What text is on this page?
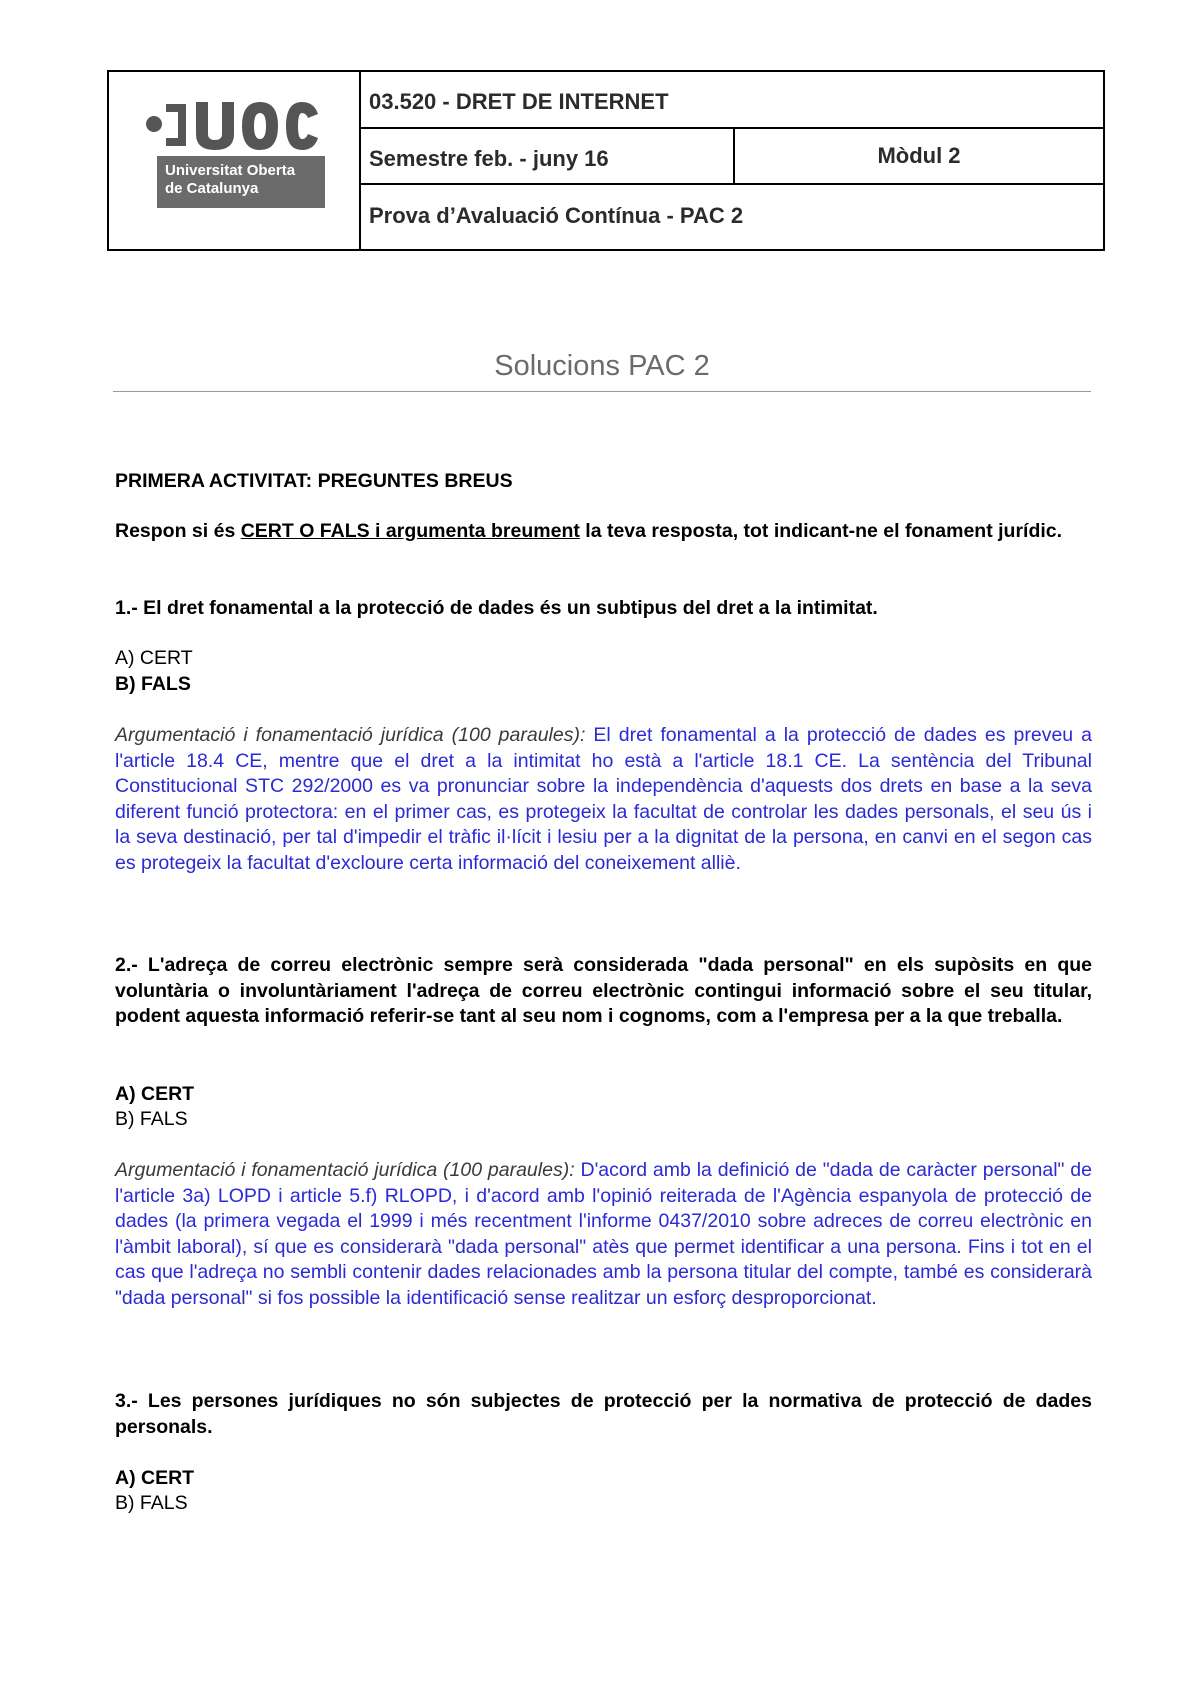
Universitat Oberta
de Catalunya
03.520 - DRET DE INTERNET
Semestre feb. - juny 16	Mòdul 2
Prova d’Avaluació Contínua - PAC 2
Solucions PAC 2
PRIMERA ACTIVITAT: PREGUNTES BREUS
Respon si és CERT O FALS i argumenta breument la teva resposta, tot indicant-ne el fonament jurídic.
1.- El dret fonamental a la protecció de dades és un subtipus del dret a la intimitat.
A) CERT
B) FALS
Argumentació i fonamentació jurídica (100 paraules): El dret fonamental a la protecció de dades es preveu a l'article 18.4 CE, mentre que el dret a la intimitat ho està a l'article 18.1 CE. La sentència del Tribunal Constitucional STC 292/2000 es va pronunciar sobre la independència d'aquests dos drets en base a la seva diferent funció protectora: en el primer cas, es protegeix la facultat de controlar les dades personals, el seu ús i la seva destinació, per tal d'impedir el tràfic il·lícit i lesiu per a la dignitat de la persona, en canvi en el segon cas es protegeix la facultat d'excloure certa informació del coneixement alliè.
2.- L'adreça de correu electrònic sempre serà considerada "dada personal" en els supòsits en que voluntària o involuntàriament l'adreça de correu electrònic contingui informació sobre el seu titular, podent aquesta informació referir-se tant al seu nom i cognoms, com a l'empresa per a la que treballa.
A) CERT
B) FALS
Argumentació i fonamentació jurídica (100 paraules): D'acord amb la definició de "dada de caràcter personal" de l'article 3a) LOPD i article 5.f) RLOPD, i d'acord amb l'opinió reiterada de l'Agència espanyola de protecció de dades (la primera vegada el 1999 i més recentment l'informe 0437/2010 sobre adreces de correu electrònic en l'àmbit laboral), sí que es considerarà "dada personal" atès que permet identificar a una persona. Fins i tot en el cas que l'adreça no sembli contenir dades relacionades amb la persona titular del compte, també es considerarà "dada personal" si fos possible la identificació sense realitzar un esforç desproporcionat.
3.- Les persones jurídiques no són subjectes de protecció per la normativa de protecció de dades personals.
A) CERT
B) FALS
